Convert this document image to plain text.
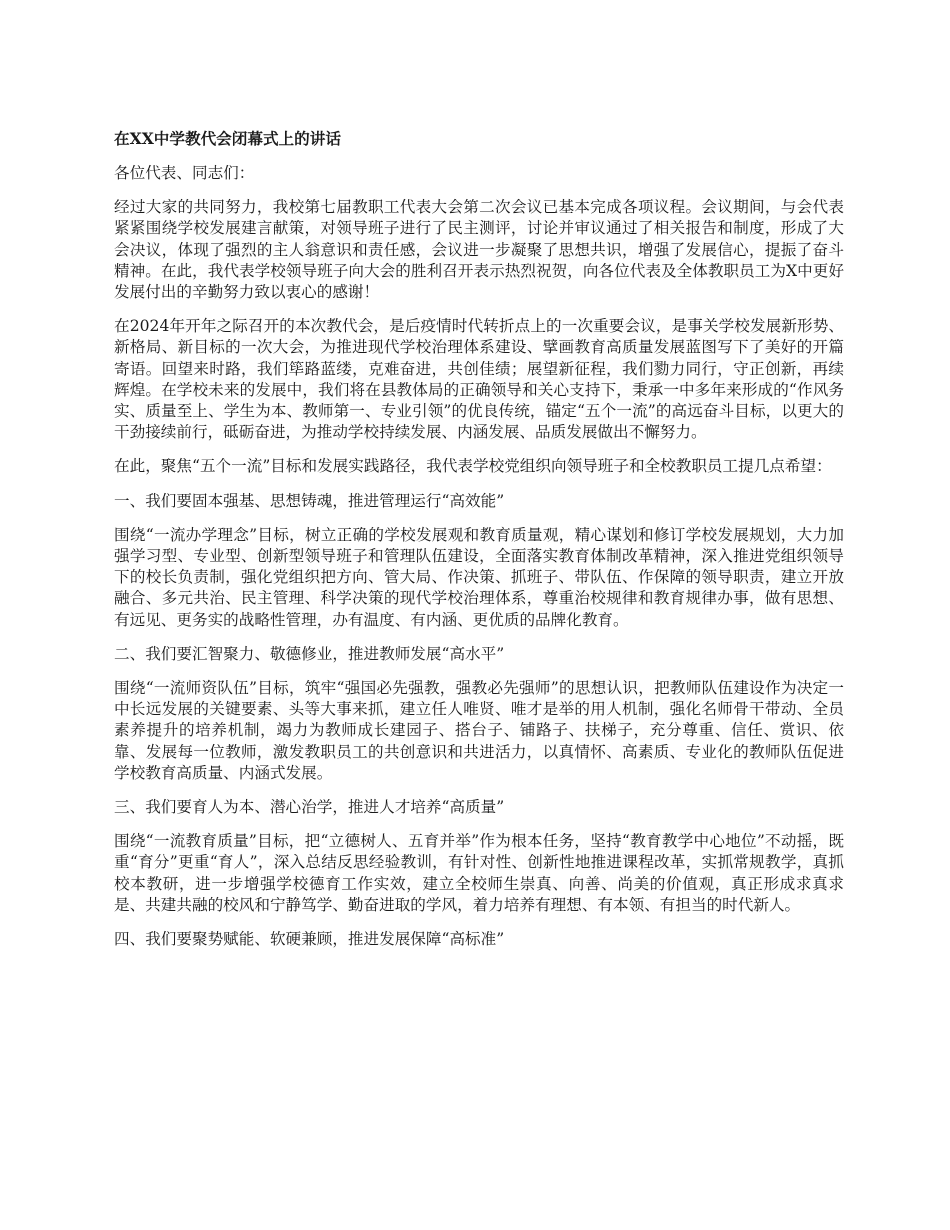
在XX中学教代会闭幕式上的讲话
各位代表、同志们：
经过大家的共同努力，我校第七届教职工代表大会第二次会议已基本完成各项议程。会议期间，与会代表紧紧围绕学校发展建言献策，对领导班子进行了民主测评，讨论并审议通过了相关报告和制度，形成了大会决议，体现了强烈的主人翁意识和责任感，会议进一步凝聚了思想共识，增强了发展信心，提振了奋斗精神。在此，我代表学校领导班子向大会的胜利召开表示热烈祝贺，向各位代表及全体教职员工为X中更好发展付出的辛勤努力致以衷心的感谢！
在2024年开年之际召开的本次教代会，是后疫情时代转折点上的一次重要会议，是事关学校发展新形势、新格局、新目标的一次大会，为推进现代学校治理体系建设、擘画教育高质量发展蓝图写下了美好的开篇寄语。回望来时路，我们筚路蓝缕，克难奋进，共创佳绩；展望新征程，我们勠力同行，守正创新，再续辉煌。在学校未来的发展中，我们将在县教体局的正确领导和关心支持下，秉承一中多年来形成的“作风务实、质量至上、学生为本、教师第一、专业引领”的优良传统，锚定“五个一流”的高远奋斗目标，以更大的干劲接续前行，砥砺奋进，为推动学校持续发展、内涵发展、品质发展做出不懈努力。
在此，聚焦“五个一流”目标和发展实践路径，我代表学校党组织向领导班子和全校教职员工提几点希望：
一、我们要固本强基、思想铸魂，推进管理运行“高效能”
围绕“一流办学理念”目标，树立正确的学校发展观和教育质量观，精心谋划和修订学校发展规划，大力加强学习型、专业型、创新型领导班子和管理队伍建设，全面落实教育体制改革精神，深入推进党组织领导下的校长负责制，强化党组织把方向、管大局、作决策、抓班子、带队伍、作保障的领导职责，建立开放融合、多元共治、民主管理、科学决策的现代学校治理体系，尊重治校规律和教育规律办事，做有思想、有远见、更务实的战略性管理，办有温度、有内涵、更优质的品牌化教育。
二、我们要汇智聚力、敬德修业，推进教师发展“高水平”
围绕“一流师资队伍”目标，筑牢“强国必先强教，强教必先强师”的思想认识，把教师队伍建设作为决定一中长远发展的关键要素、头等大事来抓，建立任人唯贤、唯才是举的用人机制，强化名师骨干带动、全员素养提升的培养机制，竭力为教师成长建园子、搭台子、铺路子、扶梯子，充分尊重、信任、赏识、依靠、发展每一位教师，激发教职员工的共创意识和共进活力，以真情怀、高素质、专业化的教师队伍促进学校教育高质量、内涵式发展。
三、我们要育人为本、潜心治学，推进人才培养“高质量”
围绕“一流教育质量”目标，把“立德树人、五育并举”作为根本任务，坚持“教育教学中心地位”不动摇，既重“育分”更重“育人”，深入总结反思经验教训，有针对性、创新性地推进课程改革，实抓常规教学，真抓校本教研，进一步增强学校德育工作实效，建立全校师生崇真、向善、尚美的价值观，真正形成求真求是、共建共融的校风和宁静笃学、勤奋进取的学风，着力培养有理想、有本领、有担当的时代新人。
四、我们要聚势赋能、软硬兼顾，推进发展保障“高标准”
